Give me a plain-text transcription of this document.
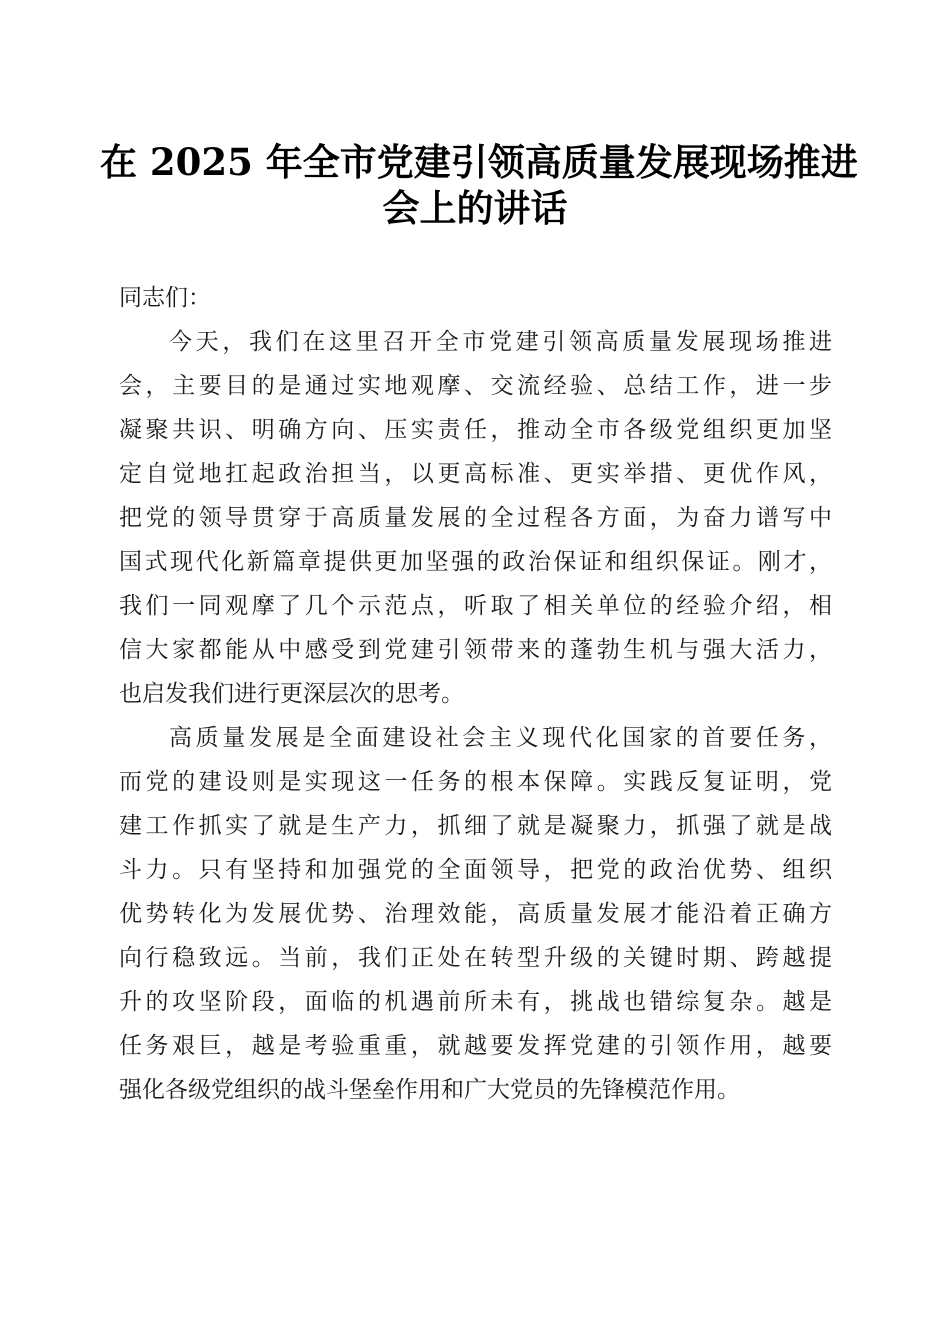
在 2025 年全市党建引领高质量发展现场推进
会上的讲话
同志们：
今天，我们在这里召开全市党建引领高质量发展现场推进
会，主要目的是通过实地观摩、交流经验、总结工作，进一步
凝聚共识、明确方向、压实责任，推动全市各级党组织更加坚
定自觉地扛起政治担当，以更高标准、更实举措、更优作风，
把党的领导贯穿于高质量发展的全过程各方面，为奋力谱写中
国式现代化新篇章提供更加坚强的政治保证和组织保证。刚才，
我们一同观摩了几个示范点，听取了相关单位的经验介绍，相
信大家都能从中感受到党建引领带来的蓬勃生机与强大活力，
也启发我们进行更深层次的思考。
高质量发展是全面建设社会主义现代化国家的首要任务，
而党的建设则是实现这一任务的根本保障。实践反复证明，党
建工作抓实了就是生产力，抓细了就是凝聚力，抓强了就是战
斗力。只有坚持和加强党的全面领导，把党的政治优势、组织
优势转化为发展优势、治理效能，高质量发展才能沿着正确方
向行稳致远。当前，我们正处在转型升级的关键时期、跨越提
升的攻坚阶段，面临的机遇前所未有，挑战也错综复杂。越是
任务艰巨，越是考验重重，就越要发挥党建的引领作用，越要
强化各级党组织的战斗堡垒作用和广大党员的先锋模范作用。
